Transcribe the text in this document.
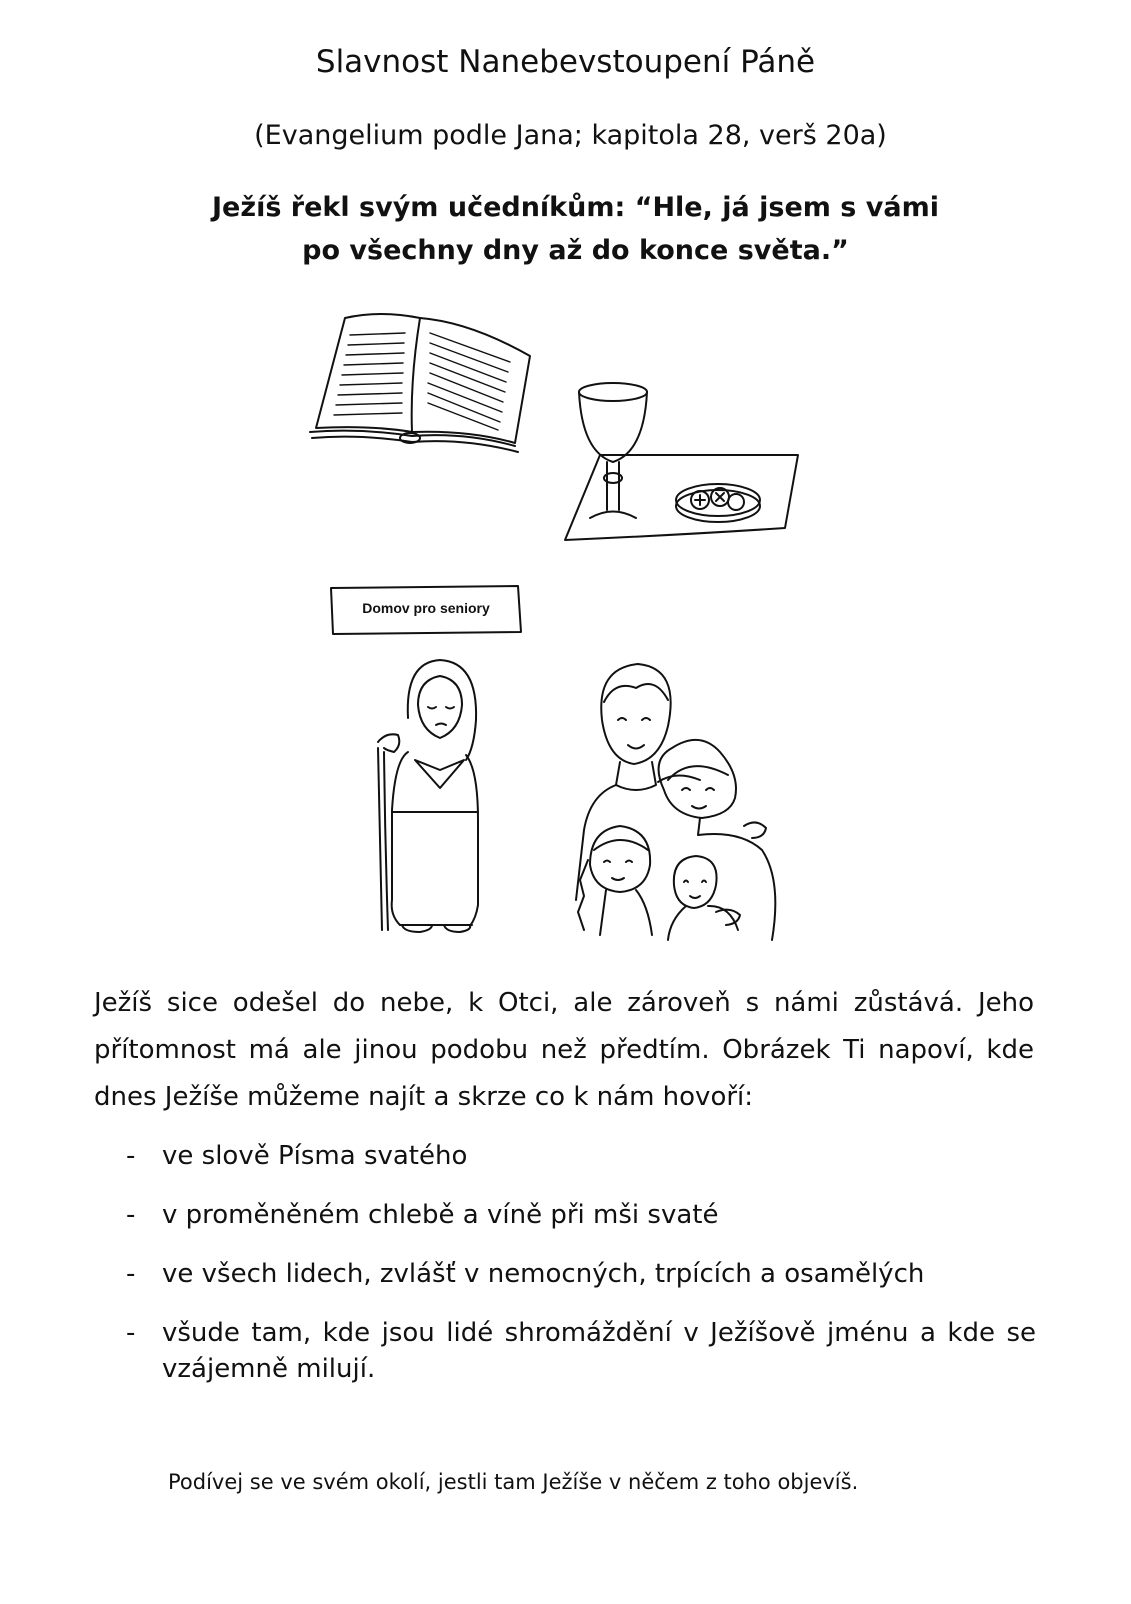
Slavnost Nanebevstoupení Páně

(Evangelium podle Jana; kapitola 28, verš 20a)

Ježíš řekl svým učedníkům: “Hle, já jsem s vámi
po všechny dny až do konce světa.”

Domov pro seniory

Ježíš sice odešel do nebe, k Otci, ale zároveň s námi zůstává. Jeho
přítomnost má ale jinou podobu než předtím. Obrázek Ti napoví, kde
dnes Ježíše můžeme najít a skrze co k nám hovoří:

- ve slově Písma svatého
- v proměněném chlebě a víně při mši svaté
- ve všech lidech, zvlášť v nemocných, trpících a osamělých
- všude tam, kde jsou lidé shromáždění v Ježíšově jménu a kde se
vzájemně milují.

Podívej se ve svém okolí, jestli tam Ježíše v něčem z toho objevíš.
